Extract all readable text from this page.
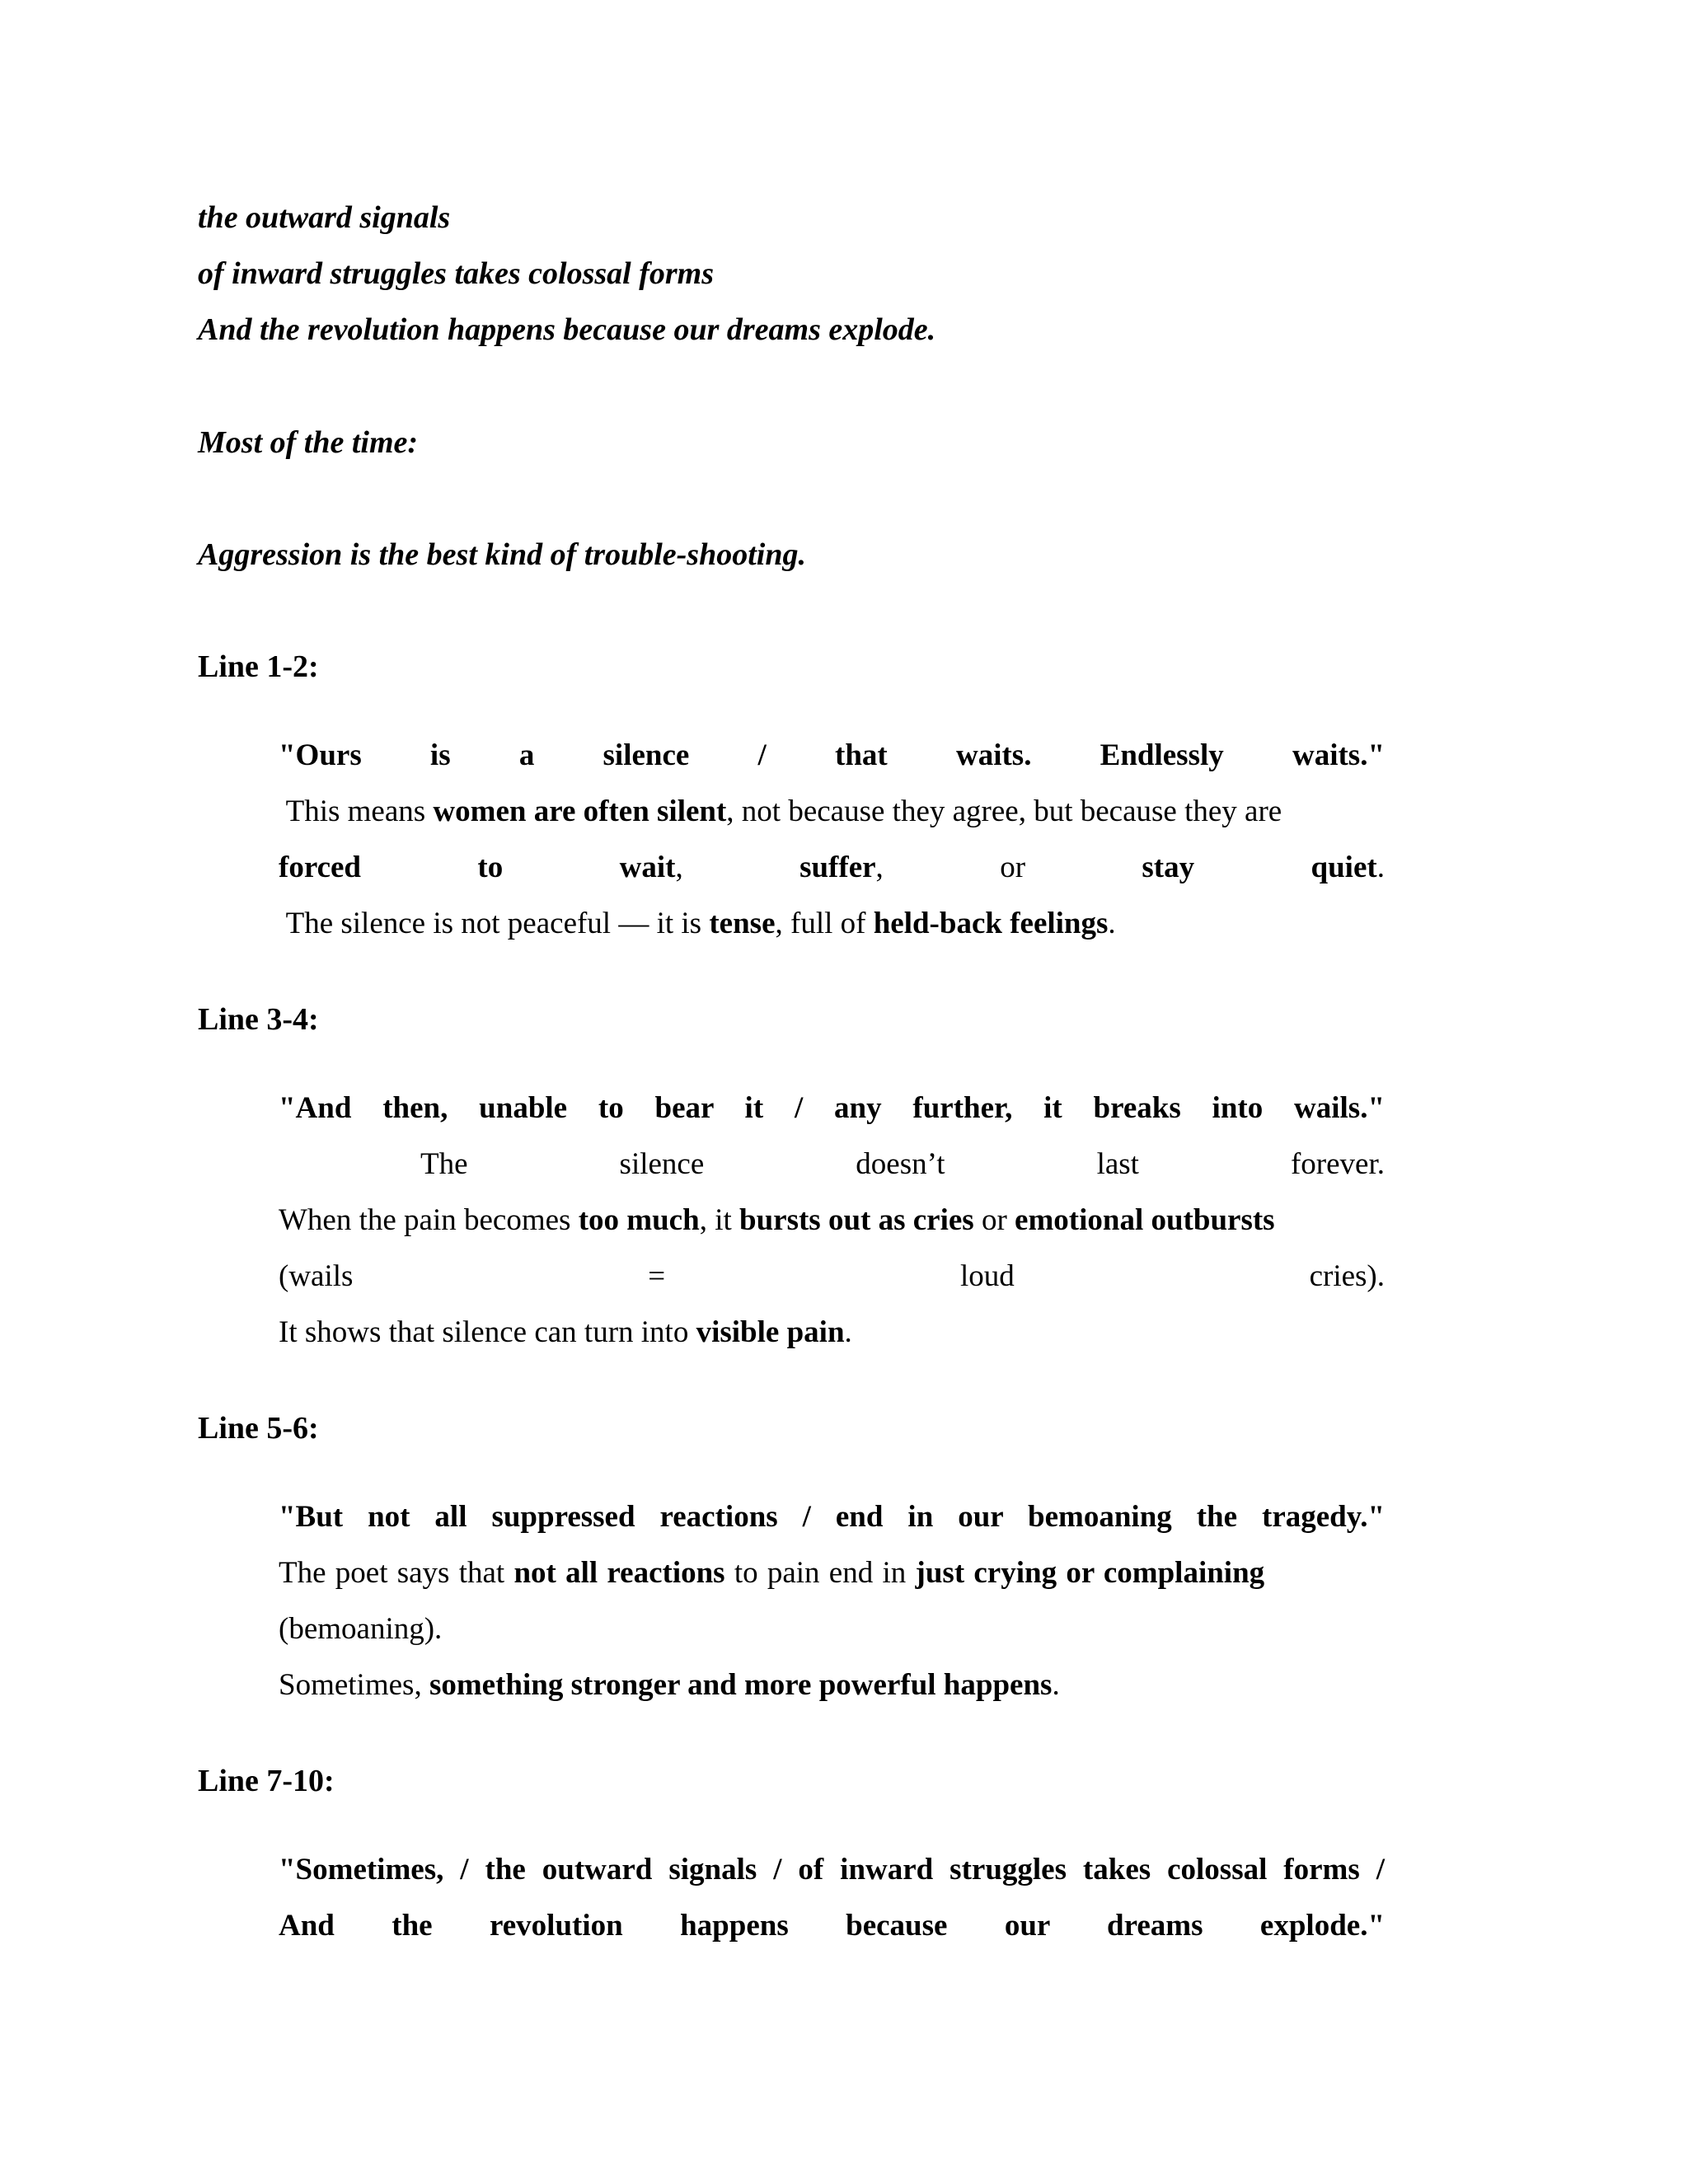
the outward signals

of inward struggles takes colossal forms

And the revolution happens because our dreams explode.

Most of the time:

Aggression is the best kind of trouble-shooting.

Line 1-2:

"Ours is a silence / that waits. Endlessly waits."

This means women are often silent, not because they agree, but because they are

forced	to	wait,	suffer,	or	stay	quiet.

The silence is not peaceful — it is tense, full of held-back feelings.

Line 3-4:

"And then, unable to bear it / any further, it breaks into wails."

The silence doesn’t last forever.

When the pain becomes too much, it bursts out as cries or emotional outbursts

(wails = loud cries).

It shows that silence can turn into visible pain.

Line 5-6:

"But not all suppressed reactions / end in our bemoaning the tragedy."

The poet says that not all reactions to pain end in just crying or complaining

(bemoaning).

Sometimes, something stronger and more powerful happens.

Line 7-10:

"Sometimes, / the outward signals / of inward struggles takes colossal forms /

And the revolution happens because our dreams explode."
